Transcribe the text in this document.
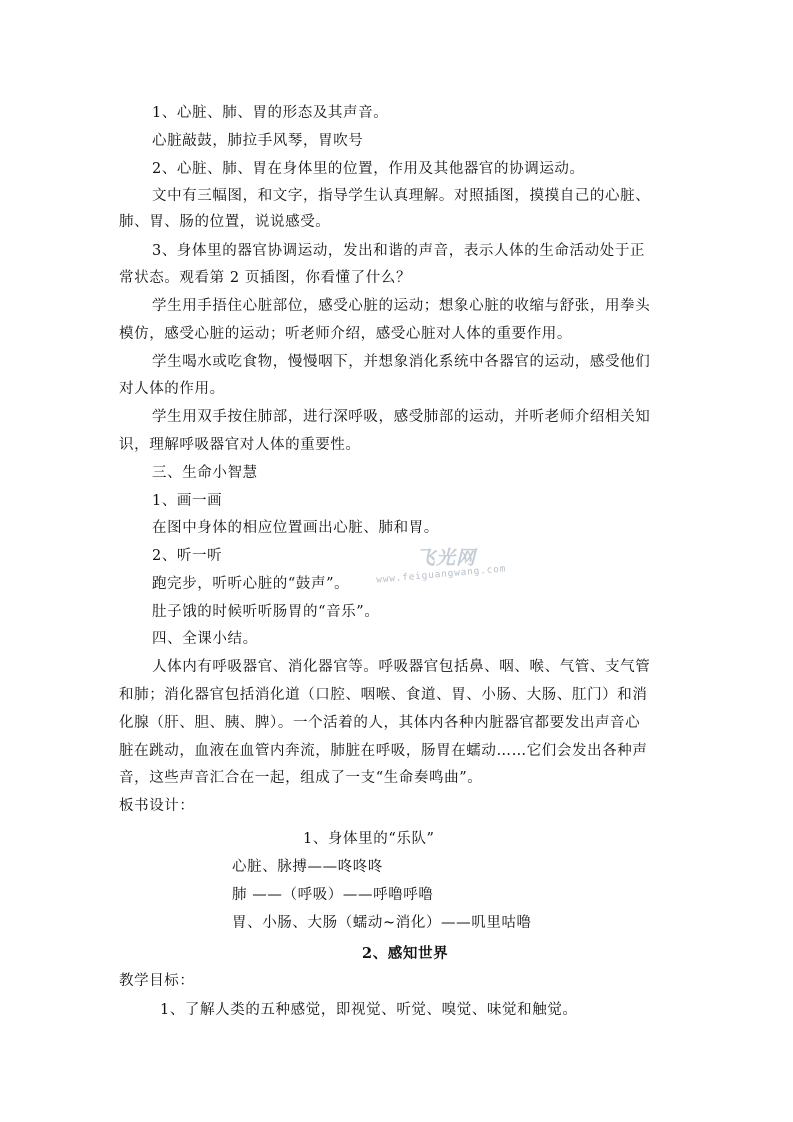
1、心脏、肺、胃的形态及其声音。
心脏敲鼓，肺拉手风琴，胃吹号
2、心脏、肺、胃在身体里的位置，作用及其他器官的协调运动。
文中有三幅图，和文字，指导学生认真理解。对照插图，摸摸自己的心脏、
肺、胃、肠的位置，说说感受。
3、身体里的器官协调运动，发出和谐的声音，表示人体的生命活动处于正
常状态。观看第 2 页插图，你看懂了什么？
学生用手捂住心脏部位，感受心脏的运动；想象心脏的收缩与舒张，用拳头
模仿，感受心脏的运动；听老师介绍，感受心脏对人体的重要作用。
学生喝水或吃食物，慢慢咽下，并想象消化系统中各器官的运动，感受他们
对人体的作用。
学生用双手按住肺部，进行深呼吸，感受肺部的运动，并听老师介绍相关知
识，理解呼吸器官对人体的重要性。
三、生命小智慧
1、画一画
在图中身体的相应位置画出心脏、肺和胃。
2、听一听
跑完步，听听心脏的“鼓声”。
肚子饿的时候听听肠胃的“音乐”。
四、全课小结。
人体内有呼吸器官、消化器官等。呼吸器官包括鼻、咽、喉、气管、支气管
和肺；消化器官包括消化道（口腔、咽喉、食道、胃、小肠、大肠、肛门）和消
化腺（肝、胆、胰、脾）。一个活着的人，其体内各种内脏器官都要发出声音心
脏在跳动，血液在血管内奔流，肺脏在呼吸，肠胃在蠕动……它们会发出各种声
音，这些声音汇合在一起，组成了一支“生命奏鸣曲”。
板书设计：
1、身体里的“乐队”
心脏、脉搏——咚咚咚
肺 ——（呼吸）——呼噜呼噜
胃、小肠、大肠（蠕动~消化）——叽里咕噜
2、感知世界
教学目标：
1、了解人类的五种感觉，即视觉、听觉、嗅觉、味觉和触觉。
飞光网
www.feiguangwang.com
